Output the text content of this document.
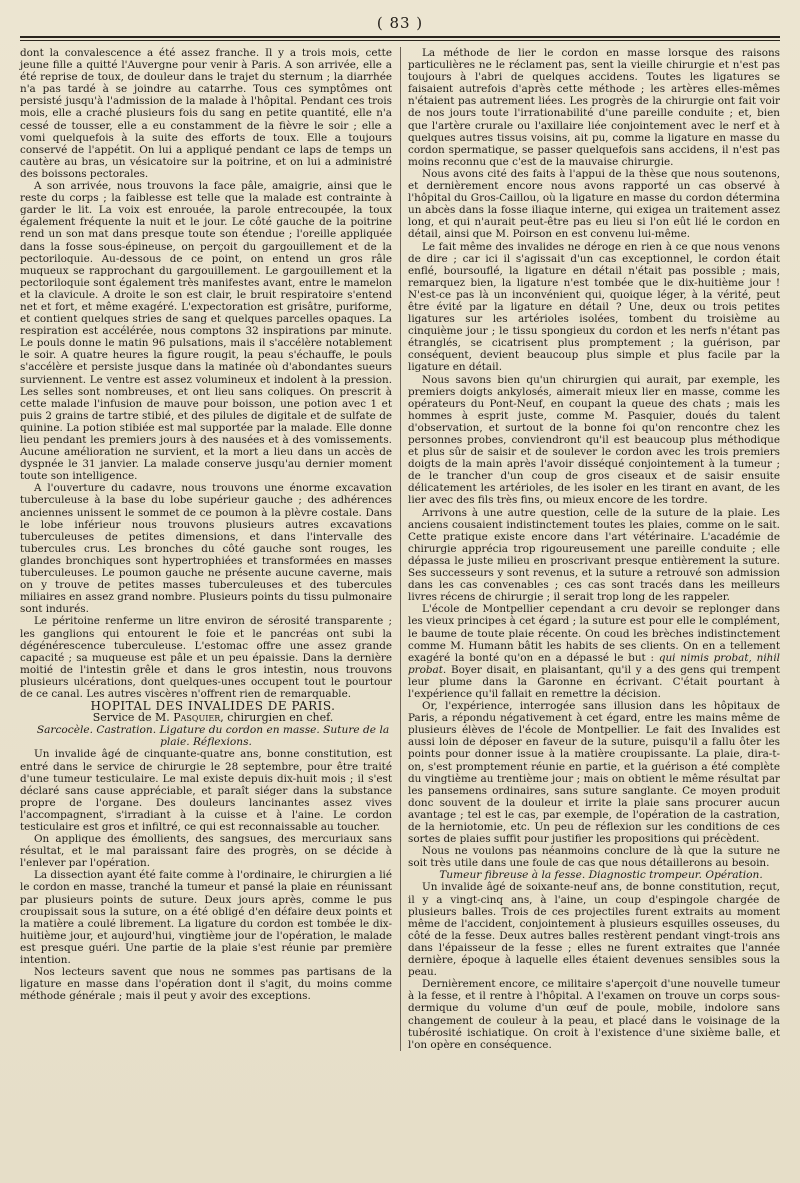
( 83 )

dont la convalescence a été assez franche. Il y a trois mois, cette jeune fille a quitté l'Auvergne pour venir à Paris. A son arrivée, elle a été reprise de toux, de douleur dans le trajet du sternum ; la diarrhée n'a pas tardé à se joindre au catarrhe. Tous ces symptômes ont persisté jusqu'à l'admission de la malade à l'hôpital. Pendant ces trois mois, elle a craché plusieurs fois du sang en petite quantité, elle n'a cessé de tousser, elle a eu constamment de la fièvre le soir ; elle a vomi quelquefois à la suite des efforts de toux. Elle a toujours conservé de l'appétit. On lui a appliqué pendant ce laps de temps un cautère au bras, un vésicatoire sur la poitrine, et on lui a administré des boissons pectorales.

A son arrivée, nous trouvons la face pâle, amaigrie, ainsi que le reste du corps ; la faiblesse est telle que la malade est contrainte à garder le lit. La voix est enrouée, la parole entrecoupée, la toux également fréquente la nuit et le jour. Le côté gauche de la poitrine rend un son mat dans presque toute son étendue ; l'oreille appliquée dans la fosse sous-épineuse, on perçoit du gargouillement et de la pectoriloquie. Au-dessous de ce point, on entend un gros râle muqueux se rapprochant du gargouillement. Le gargouillement et la pectoriloquie sont également très manifestes avant, entre le mamelon et la clavicule. A droite le son est clair, le bruit respiratoire s'entend net et fort, et même exagéré. L'expectoration est grisâtre, puriforme, et contient quelques stries de sang et quelques parcelles opaques. La respiration est accélérée, nous comptons 32 inspirations par minute. Le pouls donne le matin 96 pulsations, mais il s'accélère notablement le soir. A quatre heures la figure rougit, la peau s'échauffe, le pouls s'accélère et persiste jusque dans la matinée où d'abondantes sueurs surviennent. Le ventre est assez volumineux et indolent à la pression. Les selles sont nombreuses, et ont lieu sans coliques. On prescrit à cette malade l'infusion de mauve pour boisson, une potion avec 1 et puis 2 grains de tartre stibié, et des pilules de digitale et de sulfate de quinine. La potion stibiée est mal supportée par la malade. Elle donne lieu pendant les premiers jours à des nausées et à des vomissements. Aucune amélioration ne survient, et la mort a lieu dans un accès de dyspnée le 31 janvier. La malade conserve jusqu'au dernier moment toute son intelligence.

A l'ouverture du cadavre, nous trouvons une énorme excavation tuberculeuse à la base du lobe supérieur gauche ; des adhérences anciennes unissent le sommet de ce poumon à la plèvre costale. Dans le lobe inférieur nous trouvons plusieurs autres excavations tuberculeuses de petites dimensions, et dans l'intervalle des tubercules crus. Les bronches du côté gauche sont rouges, les glandes bronchiques sont hypertrophiées et transformées en masses tuberculeuses. Le poumon gauche ne présente aucune caverne, mais on y trouve de petites masses tuberculeuses et des tubercules miliaires en assez grand nombre. Plusieurs points du tissu pulmonaire sont indurés.

Le péritoine renferme un litre environ de sérosité transparente ; les ganglions qui entourent le foie et le pancréas ont subi la dégénérescence tuberculeuse. L'estomac offre une assez grande capacité ; sa muqueuse est pâle et un peu épaissie. Dans la dernière moitié de l'intestin grêle et dans le gros intestin, nous trouvons plusieurs ulcérations, dont quelques-unes occupent tout le pourtour de ce canal. Les autres viscères n'offrent rien de remarquable.

HOPITAL DES INVALIDES DE PARIS.

Service de M. Pasquier, chirurgien en chef.

Sarcocèle. Castration. Ligature du cordon en masse. Suture de la plaie. Réflexions.

Un invalide âgé de cinquante-quatre ans, bonne constitution, est entré dans le service de chirurgie le 28 septembre, pour être traité d'une tumeur testiculaire. Le mal existe depuis dix-huit mois ; il s'est déclaré sans cause appréciable, et paraît siéger dans la substance propre de l'organe. Des douleurs lancinantes assez vives l'accompagnent, s'irradiant à la cuisse et à l'aine. Le cordon testiculaire est gros et infiltré, ce qui est reconnaissable au toucher.

On applique des émollients, des sangsues, des mercuriaux sans résultat, et le mal paraissant faire des progrès, on se décide à l'enlever par l'opération.

La dissection ayant été faite comme à l'ordinaire, le chirurgien a lié le cordon en masse, tranché la tumeur et pansé la plaie en réunissant par plusieurs points de suture. Deux jours après, comme le pus croupissait sous la suture, on a été obligé d'en défaire deux points et la matière a coulé librement. La ligature du cordon est tombée le dix-huitième jour, et aujourd'hui, vingtième jour de l'opération, le malade est presque guéri. Une partie de la plaie s'est réunie par première intention.

Nos lecteurs savent que nous ne sommes pas partisans de la ligature en masse dans l'opération dont il s'agit, du moins comme méthode générale ; mais il peut y avoir des exceptions.

La méthode de lier le cordon en masse lorsque des raisons particulières ne le réclament pas, sent la vieille chirurgie et n'est pas toujours à l'abri de quelques accidens. Toutes les ligatures se faisaient autrefois d'après cette méthode ; les artères elles-mêmes n'étaient pas autrement liées. Les progrès de la chirurgie ont fait voir de nos jours toute l'irrationabilité d'une pareille conduite ; et, bien que l'artère crurale ou l'axillaire liée conjointement avec le nerf et à quelques autres tissus voisins, ait pu, comme la ligature en masse du cordon spermatique, se passer quelquefois sans accidens, il n'est pas moins reconnu que c'est de la mauvaise chirurgie.

Nous avons cité des faits à l'appui de la thèse que nous soutenons, et dernièrement encore nous avons rapporté un cas observé à l'hôpital du Gros-Caillou, où la ligature en masse du cordon détermina un abcès dans la fosse iliaque interne, qui exigea un traitement assez long, et qui n'aurait peut-être pas eu lieu si l'on eût lié le cordon en détail, ainsi que M. Poirson en est convenu lui-même.

Le fait même des invalides ne déroge en rien à ce que nous venons de dire ; car ici il s'agissait d'un cas exceptionnel, le cordon était enflé, boursouflé, la ligature en détail n'était pas possible ; mais, remarquez bien, la ligature n'est tombée que le dix-huitième jour ! N'est-ce pas là un inconvénient qui, quoique léger, à la vérité, peut être évité par la ligature en détail ? Une, deux ou trois petites ligatures sur les artérioles isolées, tombent du troisième au cinquième jour ; le tissu spongieux du cordon et les nerfs n'étant pas étranglés, se cicatrisent plus promptement ; la guérison, par conséquent, devient beaucoup plus simple et plus facile par la ligature en détail.

Nous savons bien qu'un chirurgien qui aurait, par exemple, les premiers doigts ankylosés, aimerait mieux lier en masse, comme les opérateurs du Pont-Neuf, en coupant la queue des chats ; mais les hommes à esprit juste, comme M. Pasquier, doués du talent d'observation, et surtout de la bonne foi qu'on rencontre chez les personnes probes, conviendront qu'il est beaucoup plus méthodique et plus sûr de saisir et de soulever le cordon avec les trois premiers doigts de la main après l'avoir disséqué conjointement à la tumeur ; de le trancher d'un coup de gros ciseaux et de saisir ensuite délicatement les artérioles, de les isoler en les tirant en avant, de les lier avec des fils très fins, ou mieux encore de les tordre.

Arrivons à une autre question, celle de la suture de la plaie. Les anciens cousaient indistinctement toutes les plaies, comme on le sait. Cette pratique existe encore dans l'art vétérinaire. L'académie de chirurgie apprécia trop rigoureusement une pareille conduite ; elle dépassa le juste milieu en proscrivant presque entièrement la suture. Ses successeurs y sont revenus, et la suture a retrouvé son admission dans les cas convenables ; ces cas sont tracés dans les meilleurs livres récens de chirurgie ; il serait trop long de les rappeler.

L'école de Montpellier cependant a cru devoir se replonger dans les vieux principes à cet égard ; la suture est pour elle le complément, le baume de toute plaie récente. On coud les brèches indistinctement comme M. Humann bâtit les habits de ses clients. On en a tellement exagéré la bonté qu'on en a dépassé le but : qui nimis probat, nihil probat. Boyer disait, en plaisantant, qu'il y a des gens qui trempent leur plume dans la Garonne en écrivant. C'était pourtant à l'expérience qu'il fallait en remettre la décision.

Or, l'expérience, interrogée sans illusion dans les hôpitaux de Paris, a répondu négativement à cet égard, entre les mains même de plusieurs élèves de l'école de Montpellier. Le fait des Invalides est aussi loin de déposer en faveur de la suture, puisqu'il a fallu ôter les points pour donner issue à la matière croupissante. La plaie, dira-t-on, s'est promptement réunie en partie, et la guérison a été complète du vingtième au trentième jour ; mais on obtient le même résultat par les pansemens ordinaires, sans suture sanglante. Ce moyen produit donc souvent de la douleur et irrite la plaie sans procurer aucun avantage ; tel est le cas, par exemple, de l'opération de la castration, de la herniotomie, etc. Un peu de réflexion sur les conditions de ces sortes de plaies suffit pour justifier les propositions qui précèdent.

Nous ne voulons pas néanmoins conclure de là que la suture ne soit très utile dans une foule de cas que nous détaillerons au besoin.

Tumeur fibreuse à la fesse. Diagnostic trompeur. Opération.

Un invalide âgé de soixante-neuf ans, de bonne constitution, reçut, il y a vingt-cinq ans, à l'aine, un coup d'espingole chargée de plusieurs balles. Trois de ces projectiles furent extraits au moment même de l'accident, conjointement à plusieurs esquilles osseuses, du côté de la fesse. Deux autres balles restèrent pendant vingt-trois ans dans l'épaisseur de la fesse ; elles ne furent extraites que l'année dernière, époque à laquelle elles étaient devenues sensibles sous la peau.

Dernièrement encore, ce militaire s'aperçoit d'une nouvelle tumeur à la fesse, et il rentre à l'hôpital. A l'examen on trouve un corps sous-dermique du volume d'un œuf de poule, mobile, indolore sans changement de couleur à la peau, et placé dans le voisinage de la tubérosité ischiatique. On croit à l'existence d'une sixième balle, et l'on opère en conséquence.
